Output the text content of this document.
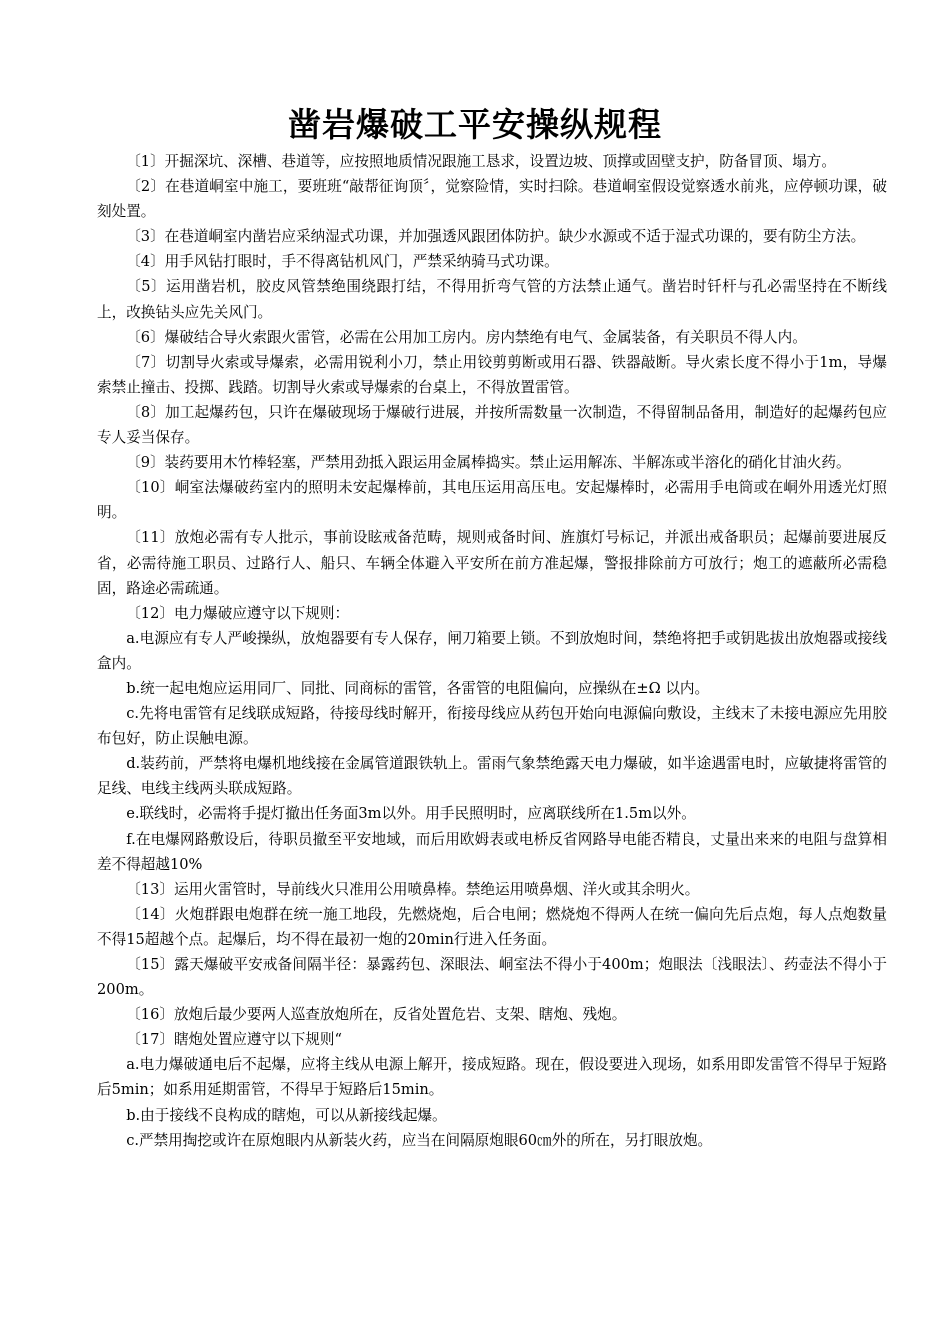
凿岩爆破工平安操纵规程

〔1〕开掘深坑、深槽、巷道等，应按照地质情况跟施工恳求，设置边坡、顶撑或固壁支护，防备冒顶、塌方。

〔2〕在巷道峒室中施工，要班班“敲帮征询顶〞，觉察险情，实时扫除。巷道峒室假设觉察透水前兆，应停顿功课，破刻处置。

〔3〕在巷道峒室内凿岩应采纳湿式功课，并加强透风跟团体防护。缺少水源或不适于湿式功课的，要有防尘方法。

〔4〕用手风钻打眼时，手不得离钻机风门，严禁采纳骑马式功课。

〔5〕运用凿岩机，胶皮风管禁绝围绕跟打结，不得用折弯气管的方法禁止通气。凿岩时钎杆与孔必需坚持在不断线上，改换钻头应先关风门。

〔6〕爆破结合导火索跟火雷管，必需在公用加工房内。房内禁绝有电气、金属装备，有关职员不得人内。

〔7〕切割导火索或导爆索，必需用锐利小刀，禁止用铰剪剪断或用石器、铁器敲断。导火索长度不得小于1m，导爆索禁止撞击、投掷、践踏。切割导火索或导爆索的台桌上，不得放置雷管。

〔8〕加工起爆药包，只许在爆破现场于爆破行进展，并按所需数量一次制造，不得留制品备用，制造好的起爆药包应专人妥当保存。

〔9〕装药要用木竹棒轻塞，严禁用劲抵入跟运用金属棒捣实。禁止运用解冻、半解冻或半溶化的硝化甘油火药。

〔10〕峒室法爆破药室内的照明未安起爆棒前，其电压运用高压电。安起爆棒时，必需用手电筒或在峒外用透光灯照明。

〔11〕放炮必需有专人批示，事前设眩戒备范畴，规则戒备时间、旌旗灯号标记，并派出戒备职员；起爆前要进展反省，必需待施工职员、过路行人、船只、车辆全体避入平安所在前方准起爆，警报排除前方可放行；炮工的遮蔽所必需稳固，路途必需疏通。

〔12〕电力爆破应遵守以下规则：

a.电源应有专人严峻操纵，放炮器要有专人保存，闸刀箱要上锁。不到放炮时间，禁绝将把手或钥匙拔出放炮器或接线盒内。

b.统一起电炮应运用同厂、同批、同商标的雷管，各雷管的电阻偏向，应操纵在±Ω 以内。

c.先将电雷管有足线联成短路，待接母线时解开，衔接母线应从药包开始向电源偏向敷设，主线末了未接电源应先用胶布包好，防止误触电源。

d.装药前，严禁将电爆机地线接在金属管道跟铁轨上。雷雨气象禁绝露天电力爆破，如半途遇雷电时，应敏捷将雷管的足线、电线主线两头联成短路。

e.联线时，必需将手提灯撤出任务面3m以外。用手民照明时，应离联线所在1.5m以外。

f.在电爆网路敷设后，待职员撤至平安地域，而后用欧姆表或电桥反省网路导电能否精良，丈量出来来的电阻与盘算相差不得超越10%

〔13〕运用火雷管时，导前线火只准用公用喷鼻棒。禁绝运用喷鼻烟、洋火或其余明火。

〔14〕火炮群跟电炮群在统一施工地段，先燃烧炮，后合电闸；燃烧炮不得两人在统一偏向先后点炮，每人点炮数量不得15超越个点。起爆后，均不得在最初一炮的20min行进入任务面。

〔15〕露天爆破平安戒备间隔半径：暴露药包、深眼法、峒室法不得小于400m；炮眼法〔浅眼法〕、药壶法不得小于200m。

〔16〕放炮后最少要两人巡查放炮所在，反省处置危岩、支架、瞎炮、残炮。

〔17〕瞎炮处置应遵守以下规则“

a.电力爆破通电后不起爆，应将主线从电源上解开，接成短路。现在，假设要进入现场，如系用即发雷管不得早于短路后5min；如系用延期雷管，不得早于短路后15min。

b.由于接线不良构成的瞎炮，可以从新接线起爆。

c.严禁用掏挖或许在原炮眼内从新装火药，应当在间隔原炮眼60㎝外的所在，另打眼放炮。
